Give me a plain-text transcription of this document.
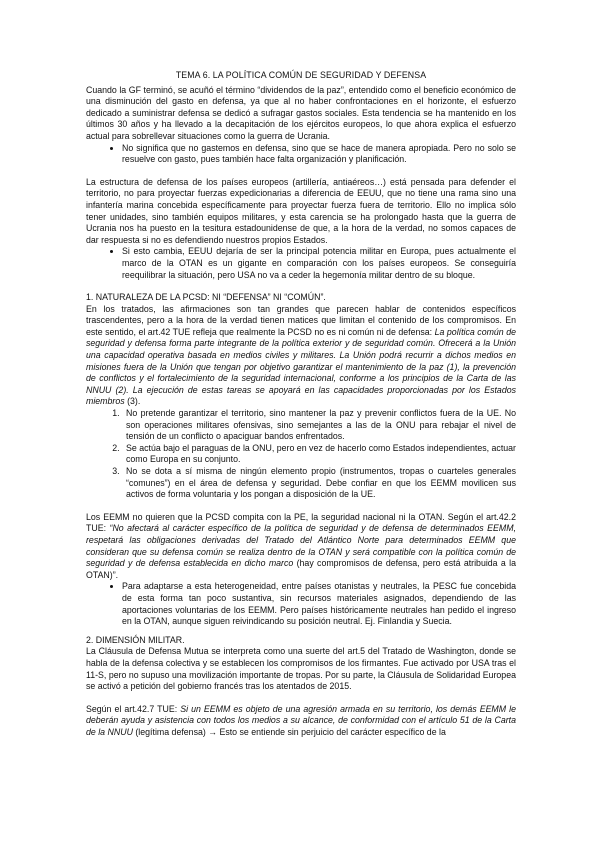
TEMA 6. LA POLÍTICA COMÚN DE SEGURIDAD Y DEFENSA

Cuando la GF terminó, se acuñó el término “dividendos de la paz”, entendido como el beneficio económico de una disminución del gasto en defensa, ya que al no haber confrontaciones en el horizonte, el esfuerzo dedicado a suministrar defensa se dedicó a sufragar gastos sociales. Esta tendencia se ha mantenido en los últimos 30 años y ha llevado a la decapitación de los ejércitos europeos, lo que ahora explica el esfuerzo actual para sobrellevar situaciones como la guerra de Ucrania.

• No significa que no gastemos en defensa, sino que se hace de manera apropiada. Pero no solo se resuelve con gasto, pues también hace falta organización y planificación.

La estructura de defensa de los países europeos (artillería, antiaéreos…) está pensada para defender el territorio, no para proyectar fuerzas expedicionarias a diferencia de EEUU, que no tiene una rama sino una infantería marina concebida específicamente para proyectar fuerza fuera de territorio. Ello no implica sólo tener unidades, sino también equipos militares, y esta carencia se ha prolongado hasta que la guerra de Ucrania nos ha puesto en la tesitura estadounidense de que, a la hora de la verdad, no somos capaces de dar respuesta si no es defendiendo nuestros propios Estados.

• Si esto cambia, EEUU dejaría de ser la principal potencia militar en Europa, pues actualmente el marco de la OTAN es un gigante en comparación con los países europeos. Se conseguiría reequilibrar la situación, pero USA no va a ceder la hegemonía militar dentro de su bloque.
1. NATURALEZA DE LA PCSD: NI “DEFENSA” NI “COMÚN”.

En los tratados, las afirmaciones son tan grandes que parecen hablar de contenidos específicos trascendentes, pero a la hora de la verdad tienen matices que limitan el contenido de los compromisos. En este sentido, el art.42 TUE refleja que realmente la PCSD no es ni común ni de defensa: La política común de seguridad y defensa forma parte integrante de la política exterior y de seguridad común. Ofrecerá a la Unión una capacidad operativa basada en medios civiles y militares. La Unión podrá recurrir a dichos medios en misiones fuera de la Unión que tengan por objetivo garantizar el mantenimiento de la paz (1), la prevención de conflictos y el fortalecimiento de la seguridad internacional, conforme a los principios de la Carta de las NNUU (2). La ejecución de estas tareas se apoyará en las capacidades proporcionadas por los Estados miembros (3).

1. No pretende garantizar el territorio, sino mantener la paz y prevenir conflictos fuera de la UE. No son operaciones militares ofensivas, sino semejantes a las de la ONU para rebajar el nivel de tensión de un conflicto o apaciguar bandos enfrentados.
2. Se actúa bajo el paraguas de la ONU, pero en vez de hacerlo como Estados independientes, actuar como Europa en su conjunto.
3. No se dota a sí misma de ningún elemento propio (instrumentos, tropas o cuarteles generales “comunes”) en el área de defensa y seguridad. Debe confiar en que los EEMM movilicen sus activos de forma voluntaria y los pongan a disposición de la UE.

Los EEMM no quieren que la PCSD compita con la PE, la seguridad nacional ni la OTAN. Según el art.42.2 TUE: “No afectará al carácter específico de la política de seguridad y de defensa de determinados EEMM, respetará las obligaciones derivadas del Tratado del Atlántico Norte para determinados EEMM que consideran que su defensa común se realiza dentro de la OTAN y será compatible con la política común de seguridad y de defensa establecida en dicho marco (hay compromisos de defensa, pero está atribuida a la OTAN)”.

• Para adaptarse a esta heterogeneidad, entre países otanistas y neutrales, la PESC fue concebida de esta forma tan poco sustantiva, sin recursos materiales asignados, dependiendo de las aportaciones voluntarias de los EEMM. Pero países históricamente neutrales han pedido el ingreso en la OTAN, aunque siguen reivindicando su posición neutral. Ej. Finlandia y Suecia.
2. DIMENSIÓN MILITAR.

La Cláusula de Defensa Mutua se interpreta como una suerte del art.5 del Tratado de Washington, donde se habla de la defensa colectiva y se establecen los compromisos de los firmantes. Fue activado por USA tras el 11-S, pero no supuso una movilización importante de tropas. Por su parte, la Cláusula de Solidaridad Europea se activó a petición del gobierno francés tras los atentados de 2015.

Según el art.42.7 TUE: Si un EEMM es objeto de una agresión armada en su territorio, los demás EEMM le deberán ayuda y asistencia con todos los medios a su alcance, de conformidad con el artículo 51 de la Carta de la NNUU (legítima defensa) → Esto se entiende sin perjuicio del carácter específico de la
